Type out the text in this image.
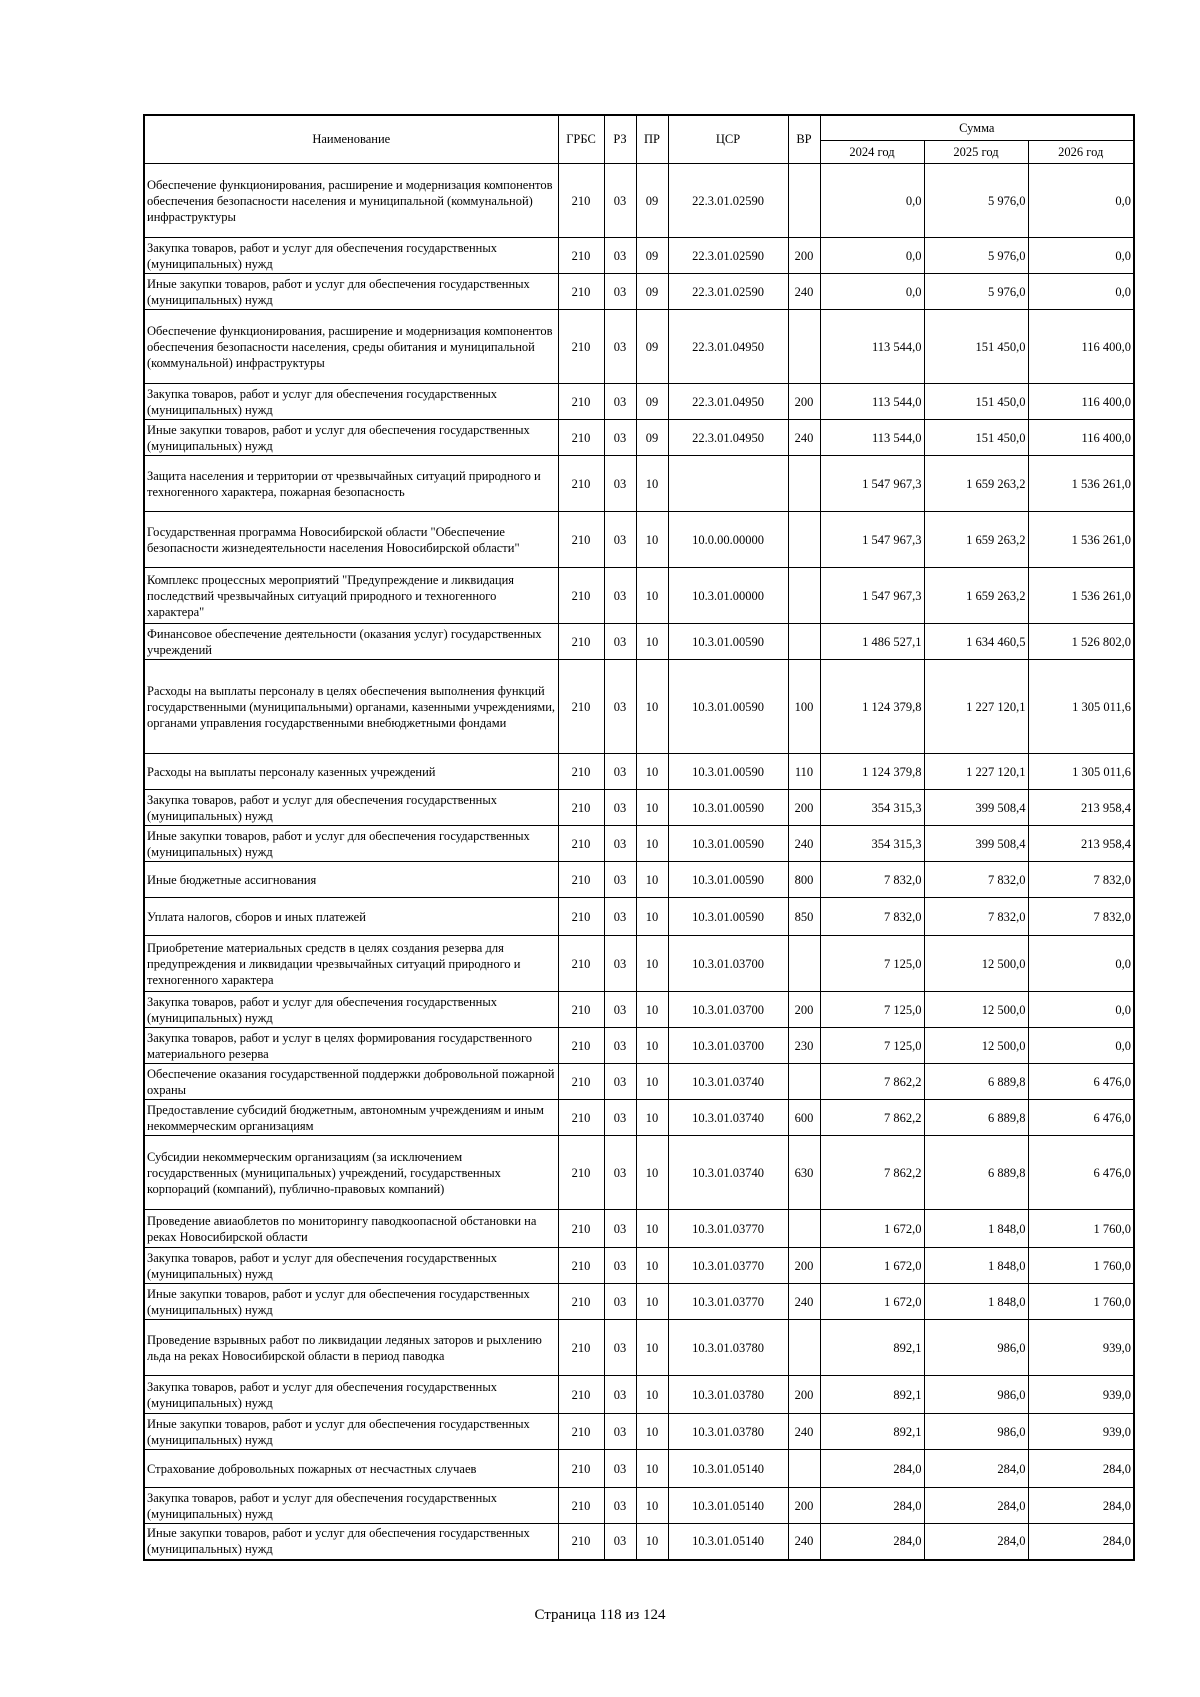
Наименование	ГРБС	РЗ	ПР	ЦСР	ВР	Сумма		
						2024 год	2025 год	2026 год
Обеспечение функционирования, расширение и модернизация компонентов обеспечения безопасности населения и муниципальной (коммунальной) инфраструктуры	210	03	09	22.3.01.02590		0,0	5 976,0	0,0
Закупка товаров, работ и услуг для обеспечения государственных (муниципальных) нужд	210	03	09	22.3.01.02590	200	0,0	5 976,0	0,0
Иные закупки товаров, работ и услуг для обеспечения государственных (муниципальных) нужд	210	03	09	22.3.01.02590	240	0,0	5 976,0	0,0
Обеспечение функционирования, расширение и модернизация компонентов обеспечения безопасности населения, среды обитания и муниципальной (коммунальной) инфраструктуры	210	03	09	22.3.01.04950		113 544,0	151 450,0	116 400,0
Закупка товаров, работ и услуг для обеспечения государственных (муниципальных) нужд	210	03	09	22.3.01.04950	200	113 544,0	151 450,0	116 400,0
Иные закупки товаров, работ и услуг для обеспечения государственных (муниципальных) нужд	210	03	09	22.3.01.04950	240	113 544,0	151 450,0	116 400,0
Защита населения и территории от чрезвычайных ситуаций природного и техногенного характера, пожарная безопасность	210	03	10			1 547 967,3	1 659 263,2	1 536 261,0
Государственная программа Новосибирской области "Обеспечение безопасности жизнедеятельности населения Новосибирской области"	210	03	10	10.0.00.00000		1 547 967,3	1 659 263,2	1 536 261,0
Комплекс процессных мероприятий "Предупреждение и ликвидация последствий чрезвычайных ситуаций природного и техногенного характера"	210	03	10	10.3.01.00000		1 547 967,3	1 659 263,2	1 536 261,0
Финансовое обеспечение деятельности (оказания услуг) государственных учреждений	210	03	10	10.3.01.00590		1 486 527,1	1 634 460,5	1 526 802,0
Расходы на выплаты персоналу в целях обеспечения выполнения функций государственными (муниципальными) органами, казенными учреждениями, органами управления государственными внебюджетными фондами	210	03	10	10.3.01.00590	100	1 124 379,8	1 227 120,1	1 305 011,6
Расходы на выплаты персоналу казенных учреждений	210	03	10	10.3.01.00590	110	1 124 379,8	1 227 120,1	1 305 011,6
Закупка товаров, работ и услуг для обеспечения государственных (муниципальных) нужд	210	03	10	10.3.01.00590	200	354 315,3	399 508,4	213 958,4
Иные закупки товаров, работ и услуг для обеспечения государственных (муниципальных) нужд	210	03	10	10.3.01.00590	240	354 315,3	399 508,4	213 958,4
Иные бюджетные ассигнования	210	03	10	10.3.01.00590	800	7 832,0	7 832,0	7 832,0
Уплата налогов, сборов и иных платежей	210	03	10	10.3.01.00590	850	7 832,0	7 832,0	7 832,0
Приобретение материальных средств в целях создания резерва для предупреждения и ликвидации чрезвычайных ситуаций природного и техногенного характера	210	03	10	10.3.01.03700		7 125,0	12 500,0	0,0
Закупка товаров, работ и услуг для обеспечения государственных (муниципальных) нужд	210	03	10	10.3.01.03700	200	7 125,0	12 500,0	0,0
Закупка товаров, работ и услуг в целях формирования государственного материального резерва	210	03	10	10.3.01.03700	230	7 125,0	12 500,0	0,0
Обеспечение оказания государственной поддержки добровольной пожарной охраны	210	03	10	10.3.01.03740		7 862,2	6 889,8	6 476,0
Предоставление субсидий бюджетным, автономным учреждениям и иным некоммерческим организациям	210	03	10	10.3.01.03740	600	7 862,2	6 889,8	6 476,0
Субсидии некоммерческим организациям (за исключением государственных (муниципальных) учреждений, государственных корпораций (компаний), публично-правовых компаний)	210	03	10	10.3.01.03740	630	7 862,2	6 889,8	6 476,0
Проведение авиаоблетов по мониторингу паводкоопасной обстановки на реках Новосибирской области	210	03	10	10.3.01.03770		1 672,0	1 848,0	1 760,0
Закупка товаров, работ и услуг для обеспечения государственных (муниципальных) нужд	210	03	10	10.3.01.03770	200	1 672,0	1 848,0	1 760,0
Иные закупки товаров, работ и услуг для обеспечения государственных (муниципальных) нужд	210	03	10	10.3.01.03770	240	1 672,0	1 848,0	1 760,0
Проведение взрывных работ по ликвидации ледяных заторов и рыхлению льда на реках Новосибирской области в период паводка	210	03	10	10.3.01.03780		892,1	986,0	939,0
Закупка товаров, работ и услуг для обеспечения государственных (муниципальных) нужд	210	03	10	10.3.01.03780	200	892,1	986,0	939,0
Иные закупки товаров, работ и услуг для обеспечения государственных (муниципальных) нужд	210	03	10	10.3.01.03780	240	892,1	986,0	939,0
Страхование добровольных пожарных от несчастных случаев	210	03	10	10.3.01.05140		284,0	284,0	284,0
Закупка товаров, работ и услуг для обеспечения государственных (муниципальных) нужд	210	03	10	10.3.01.05140	200	284,0	284,0	284,0
Иные закупки товаров, работ и услуг для обеспечения государственных (муниципальных) нужд	210	03	10	10.3.01.05140	240	284,0	284,0	284,0
Страница 118 из 124
